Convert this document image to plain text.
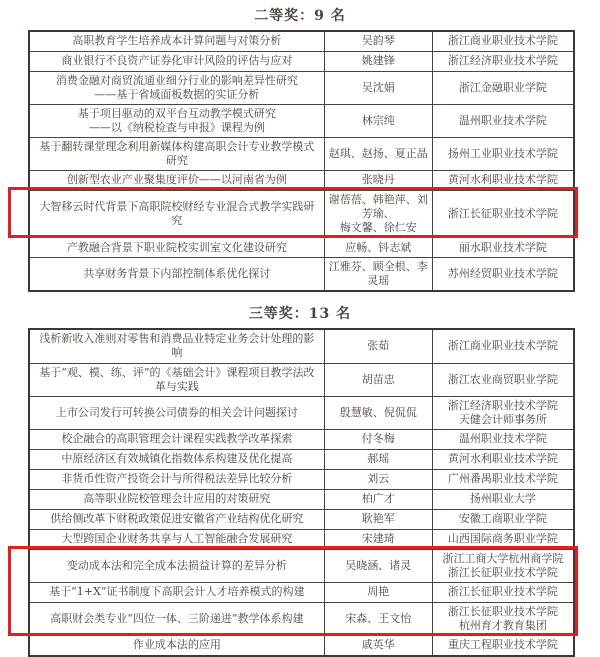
二等奖：9 名
高职教育学生培养成本计算问题与对策分析	吴韵琴	浙江商业职业技术学院

商业银行不良资产证券化审计风险的评估与应对	姚建锋	浙江经济职业技术学院

消费金融对商贸流通业细分行业的影响差异性研究
——基于省域面板数据的实证分析	吴沈娟	浙江金融职业学院

基于项目驱动的双平台互动教学模式研究
——以《纳税检查与申报》课程为例	林宗纯	温州职业技术学院

基于翻转课堂理念利用新媒体构建高职会计专业教学模式研究	赵琪、赵扬、夏正晶	扬州工业职业技术学院

创新型农业产业聚集度评价——以河南省为例	张晓丹	黄河水利职业技术学院

大智移云时代背景下高职院校财经专业混合式教学实践研究	谢蓓蓓、韩艳萍、刘芳瑜、
梅文馨、徐仁安	浙江长征职业技术学院

产教融合背景下职业院校实训室文化建设研究	应畅、钭志斌	丽水职业技术学院

共享财务背景下内部控制体系优化探讨	江雅芬、顾全根、李灵瑶	苏州经贸职业技术学院
三等奖：13 名
浅析新收入准则对零售和消费品业特定业务会计处理的影响	张茹	浙江商业职业技术学院

基于“观、模、练、评”的《基础会计》课程项目教学法改革与实践	胡苗忠	浙江农业商贸职业学院

上市公司发行可转换公司债券的相关会计问题探讨	殷慧敏、倪侃侃	浙江经济职业技术学院
天健会计师事务所

校企融合的高职管理会计课程实践教学改革探索	付冬梅	温州职业技术学院

中原经济区有效城镇化指数体系构建及优化提高	郝瑶	黄河水利职业技术学院

非货币性资产投资会计与所得税法差异比较分析	刘云	广州番禺职业技术学院

高等职业院校管理会计应用的对策研究	柏广才	扬州职业大学

供给侧改革下财税政策促进安徽省产业结构优化研究	耿艳军	安徽工商职业学院

大型跨国企业财务共享与人工智能融合发展研究	宋建琦	山西国际商务职业学院

变动成本法和完全成本法损益计算的差异分析	吴晓涵、诸灵	浙江工商大学杭州商学院
浙江长征职业技术学院

基于“1+X”证书制度下高职会计人才培养模式的构建	周艳	浙江长征职业技术学院

高职财会类专业“四位一体、三阶递进”教学体系构建	宋森、王文怡	浙江长征职业技术学院
杭州育才教育集团

作业成本法的应用	戚英华	重庆工程职业技术学院
